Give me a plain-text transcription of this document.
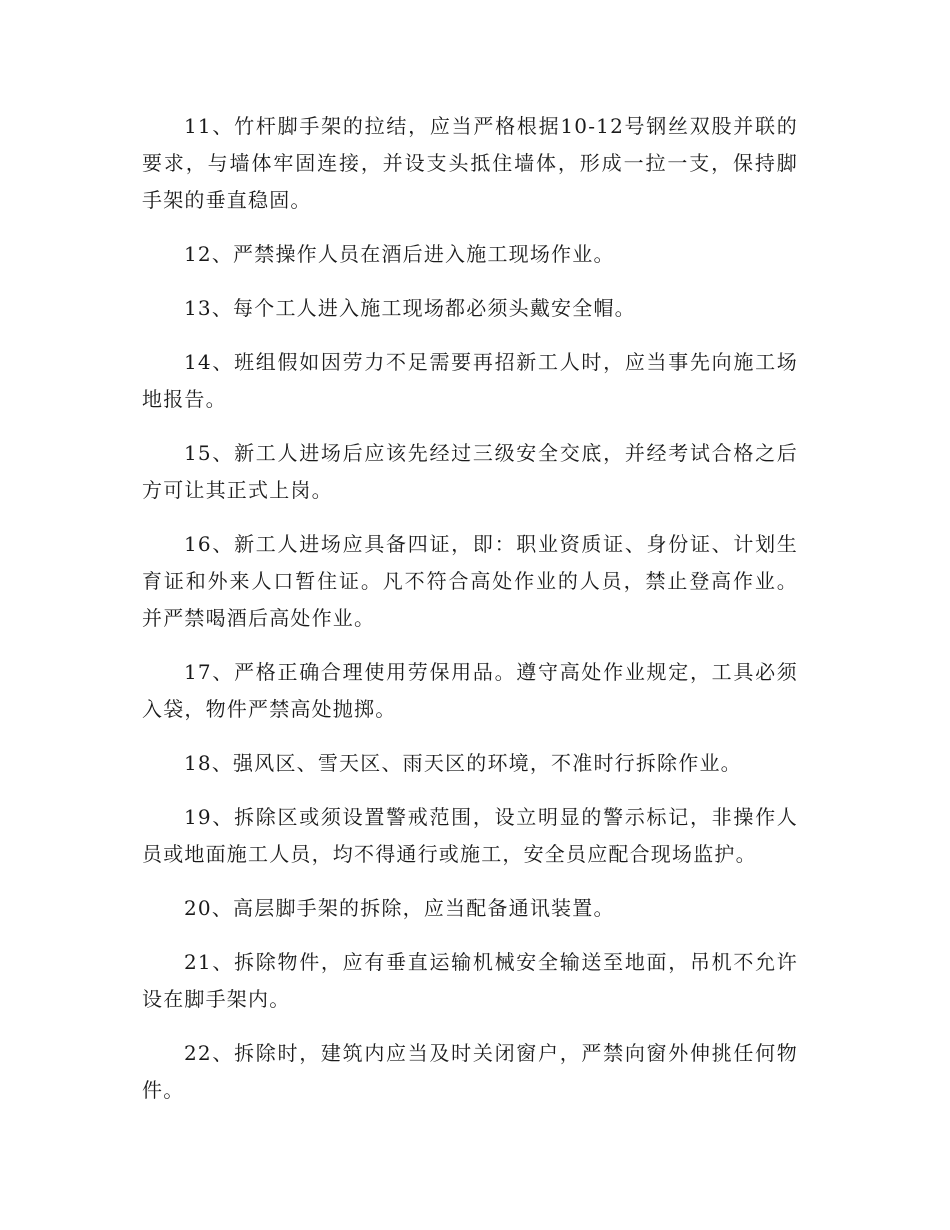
11、竹杆脚手架的拉结，应当严格根据10-12号钢丝双股并联的要求，与墙体牢固连接，并设支头抵住墙体，形成一拉一支，保持脚手架的垂直稳固。

12、严禁操作人员在酒后进入施工现场作业。

13、每个工人进入施工现场都必须头戴安全帽。

14、班组假如因劳力不足需要再招新工人时，应当事先向施工场地报告。

15、新工人进场后应该先经过三级安全交底，并经考试合格之后方可让其正式上岗。

16、新工人进场应具备四证，即：职业资质证、身份证、计划生育证和外来人口暂住证。凡不符合高处作业的人员，禁止登高作业。并严禁喝酒后高处作业。

17、严格正确合理使用劳保用品。遵守高处作业规定，工具必须入袋，物件严禁高处抛掷。

18、强风区、雪天区、雨天区的环境，不准时行拆除作业。

19、拆除区或须设置警戒范围，设立明显的警示标记，非操作人员或地面施工人员，均不得通行或施工，安全员应配合现场监护。

20、高层脚手架的拆除，应当配备通讯装置。

21、拆除物件，应有垂直运输机械安全输送至地面，吊机不允许设在脚手架内。

22、拆除时，建筑内应当及时关闭窗户，严禁向窗外伸挑任何物件。
